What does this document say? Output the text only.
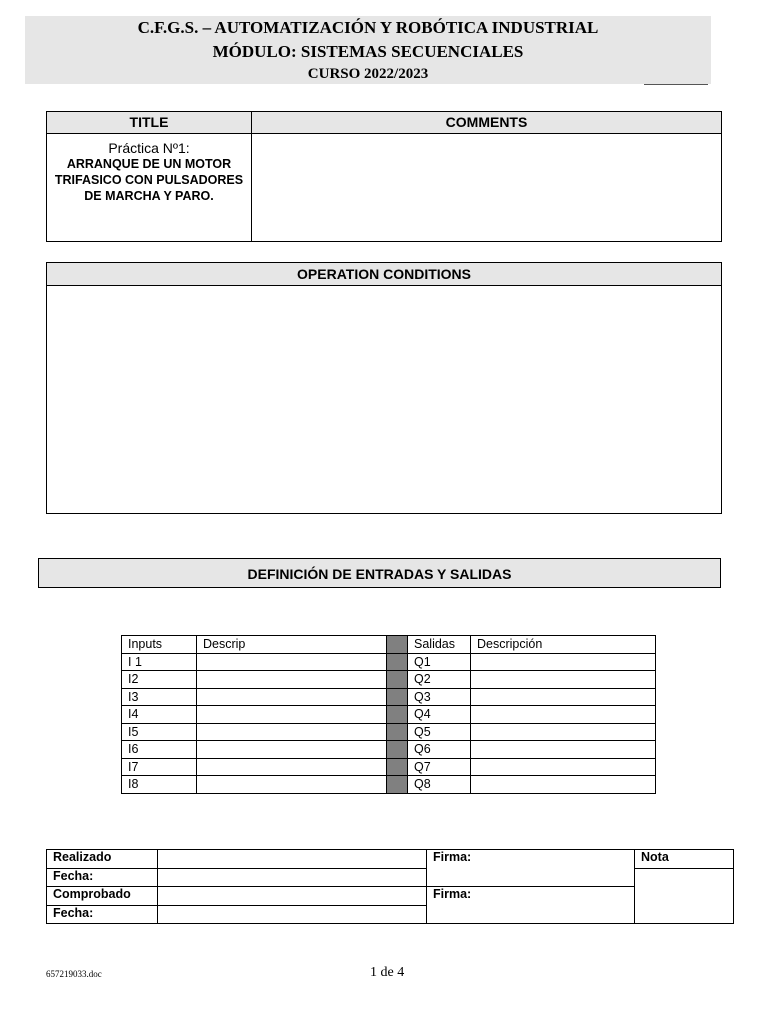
C.F.G.S. – AUTOMATIZACIÓN Y ROBÓTICA INDUSTRIAL
MÓDULO: SISTEMAS SECUENCIALES
CURSO 2022/2023
TITLE	COMMENTS
Práctica Nº1:
ARRANQUE DE UN MOTOR TRIFASICO CON PULSADORES DE MARCHA Y PARO.
OPERATION CONDITIONS
DEFINICIÓN DE ENTRADAS Y SALIDAS
Inputs	Descrip		Salidas	Descripción
I 1			Q1	
I2			Q2	
I3			Q3	
I4			Q4	
I5			Q5	
I6			Q6	
I7			Q7	
I8			Q8	
Realizado		Firma:	Nota
Fecha:			
Comprobado		Firma:	
Fecha:			
657219033.doc	1 de 4
